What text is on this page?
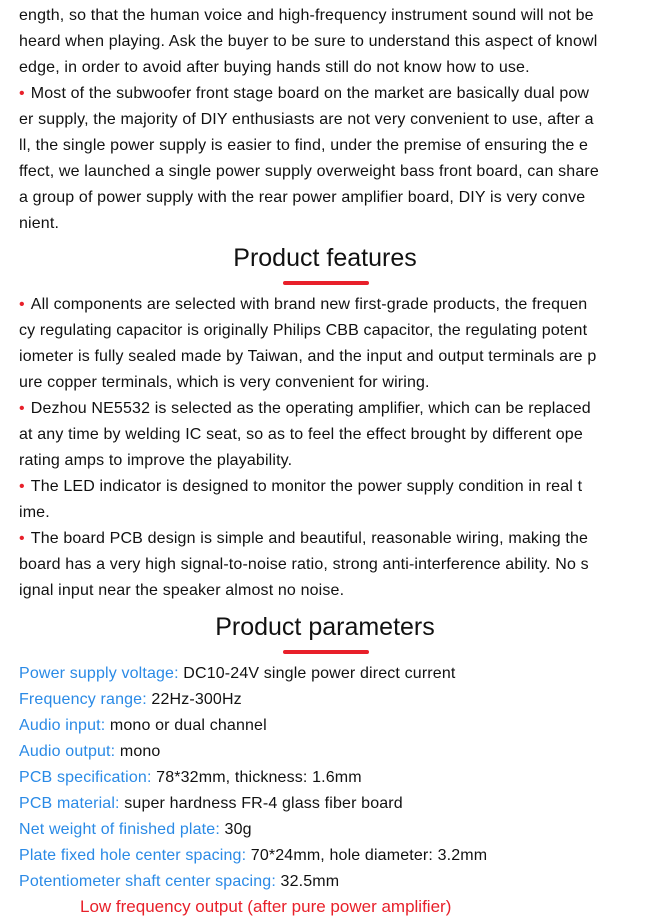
ength, so that the human voice and high-frequency instrument sound will not be
heard when playing. Ask the buyer to be sure to understand this aspect of knowl
edge, in order to avoid after buying hands still do not know how to use.
• Most of the subwoofer front stage board on the market are basically dual pow
er supply, the majority of DIY enthusiasts are not very convenient to use, after a
ll, the single power supply is easier to find, under the premise of ensuring the e
ffect, we launched a single power supply overweight bass front board, can share
a group of power supply with the rear power amplifier board, DIY is very conve
nient.
Product features
• All components are selected with brand new first-grade products, the frequen
cy regulating capacitor is originally Philips CBB capacitor, the regulating potent
iometer is fully sealed made by Taiwan, and the input and output terminals are p
ure copper terminals, which is very convenient for wiring.
• Dezhou NE5532 is selected as the operating amplifier, which can be replaced
at any time by welding IC seat, so as to feel the effect brought by different ope
rating amps to improve the playability.
• The LED indicator is designed to monitor the power supply condition in real t
ime.
• The board PCB design is simple and beautiful, reasonable wiring, making the
board has a very high signal-to-noise ratio, strong anti-interference ability. No s
ignal input near the speaker almost no noise.
Product parameters
Power supply voltage: DC10-24V single power direct current
Frequency range: 22Hz-300Hz
Audio input: mono or dual channel
Audio output: mono
PCB specification: 78*32mm, thickness: 1.6mm
PCB material: super hardness FR-4 glass fiber board
Net weight of finished plate: 30g
Plate fixed hole center spacing: 70*24mm, hole diameter: 3.2mm
Potentiometer shaft center spacing: 32.5mm
Low frequency output (after pure power amplifier)
